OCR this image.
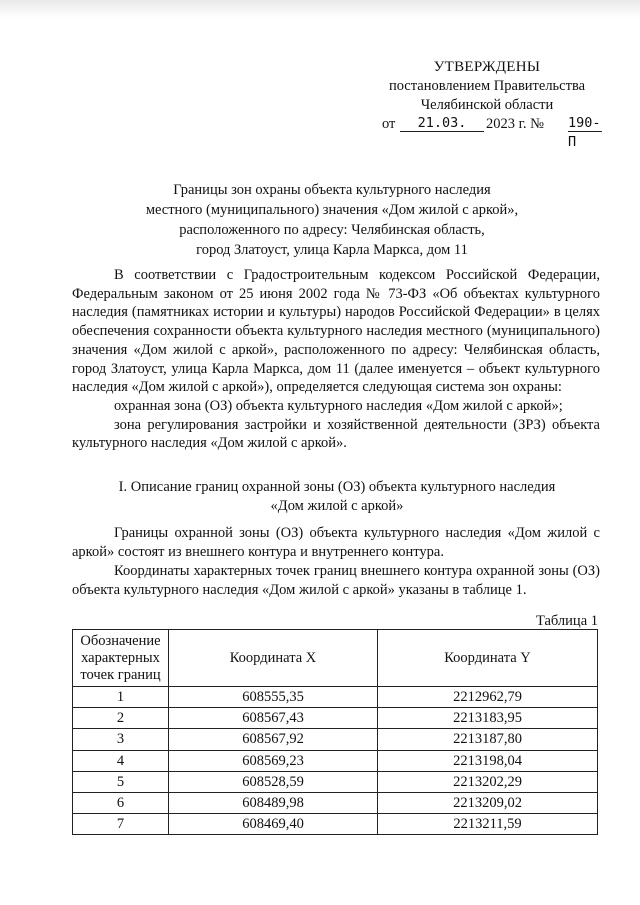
УТВЕРЖДЕНЫ
постановлением Правительства
Челябинской области
от	21.03.	2023 г. № 190-П
Границы зон охраны объекта культурного наследия
местного (муниципального) значения «Дом жилой с аркой»,
расположенного по адресу: Челябинская область,
город Златоуст, улица Карла Маркса, дом 11

В соответствии с Градостроительным кодексом Российской Федерации, Федеральным законом от 25 июня 2002 года № 73-ФЗ «Об объектах культурного наследия (памятниках истории и культуры) народов Российской Федерации» в целях обеспечения сохранности объекта культурного наследия местного (муниципального) значения «Дом жилой с аркой», расположенного по адресу: Челябинская область, город Златоуст, улица Карла Маркса, дом 11 (далее именуется – объект культурного наследия «Дом жилой с аркой»), определяется следующая система зон охраны:

охранная зона (ОЗ) объекта культурного наследия «Дом жилой с аркой»;

зона регулирования застройки и хозяйственной деятельности (ЗРЗ) объекта культурного наследия «Дом жилой с аркой».

I. Описание границ охранной зоны (ОЗ) объекта культурного наследия
«Дом жилой с аркой»

Границы охранной зоны (ОЗ) объекта культурного наследия «Дом жилой с аркой» состоят из внешнего контура и внутреннего контура.

Координаты характерных точек границ внешнего контура охранной зоны (ОЗ) объекта культурного наследия «Дом жилой с аркой» указаны в таблице 1.

Таблица 1
Обозначение характерных точек границ	Координата X	Координата Y
1	608555,35	2212962,79
2	608567,43	2213183,95
3	608567,92	2213187,80
4	608569,23	2213198,04
5	608528,59	2213202,29
6	608489,98	2213209,02
7	608469,40	2213211,59
